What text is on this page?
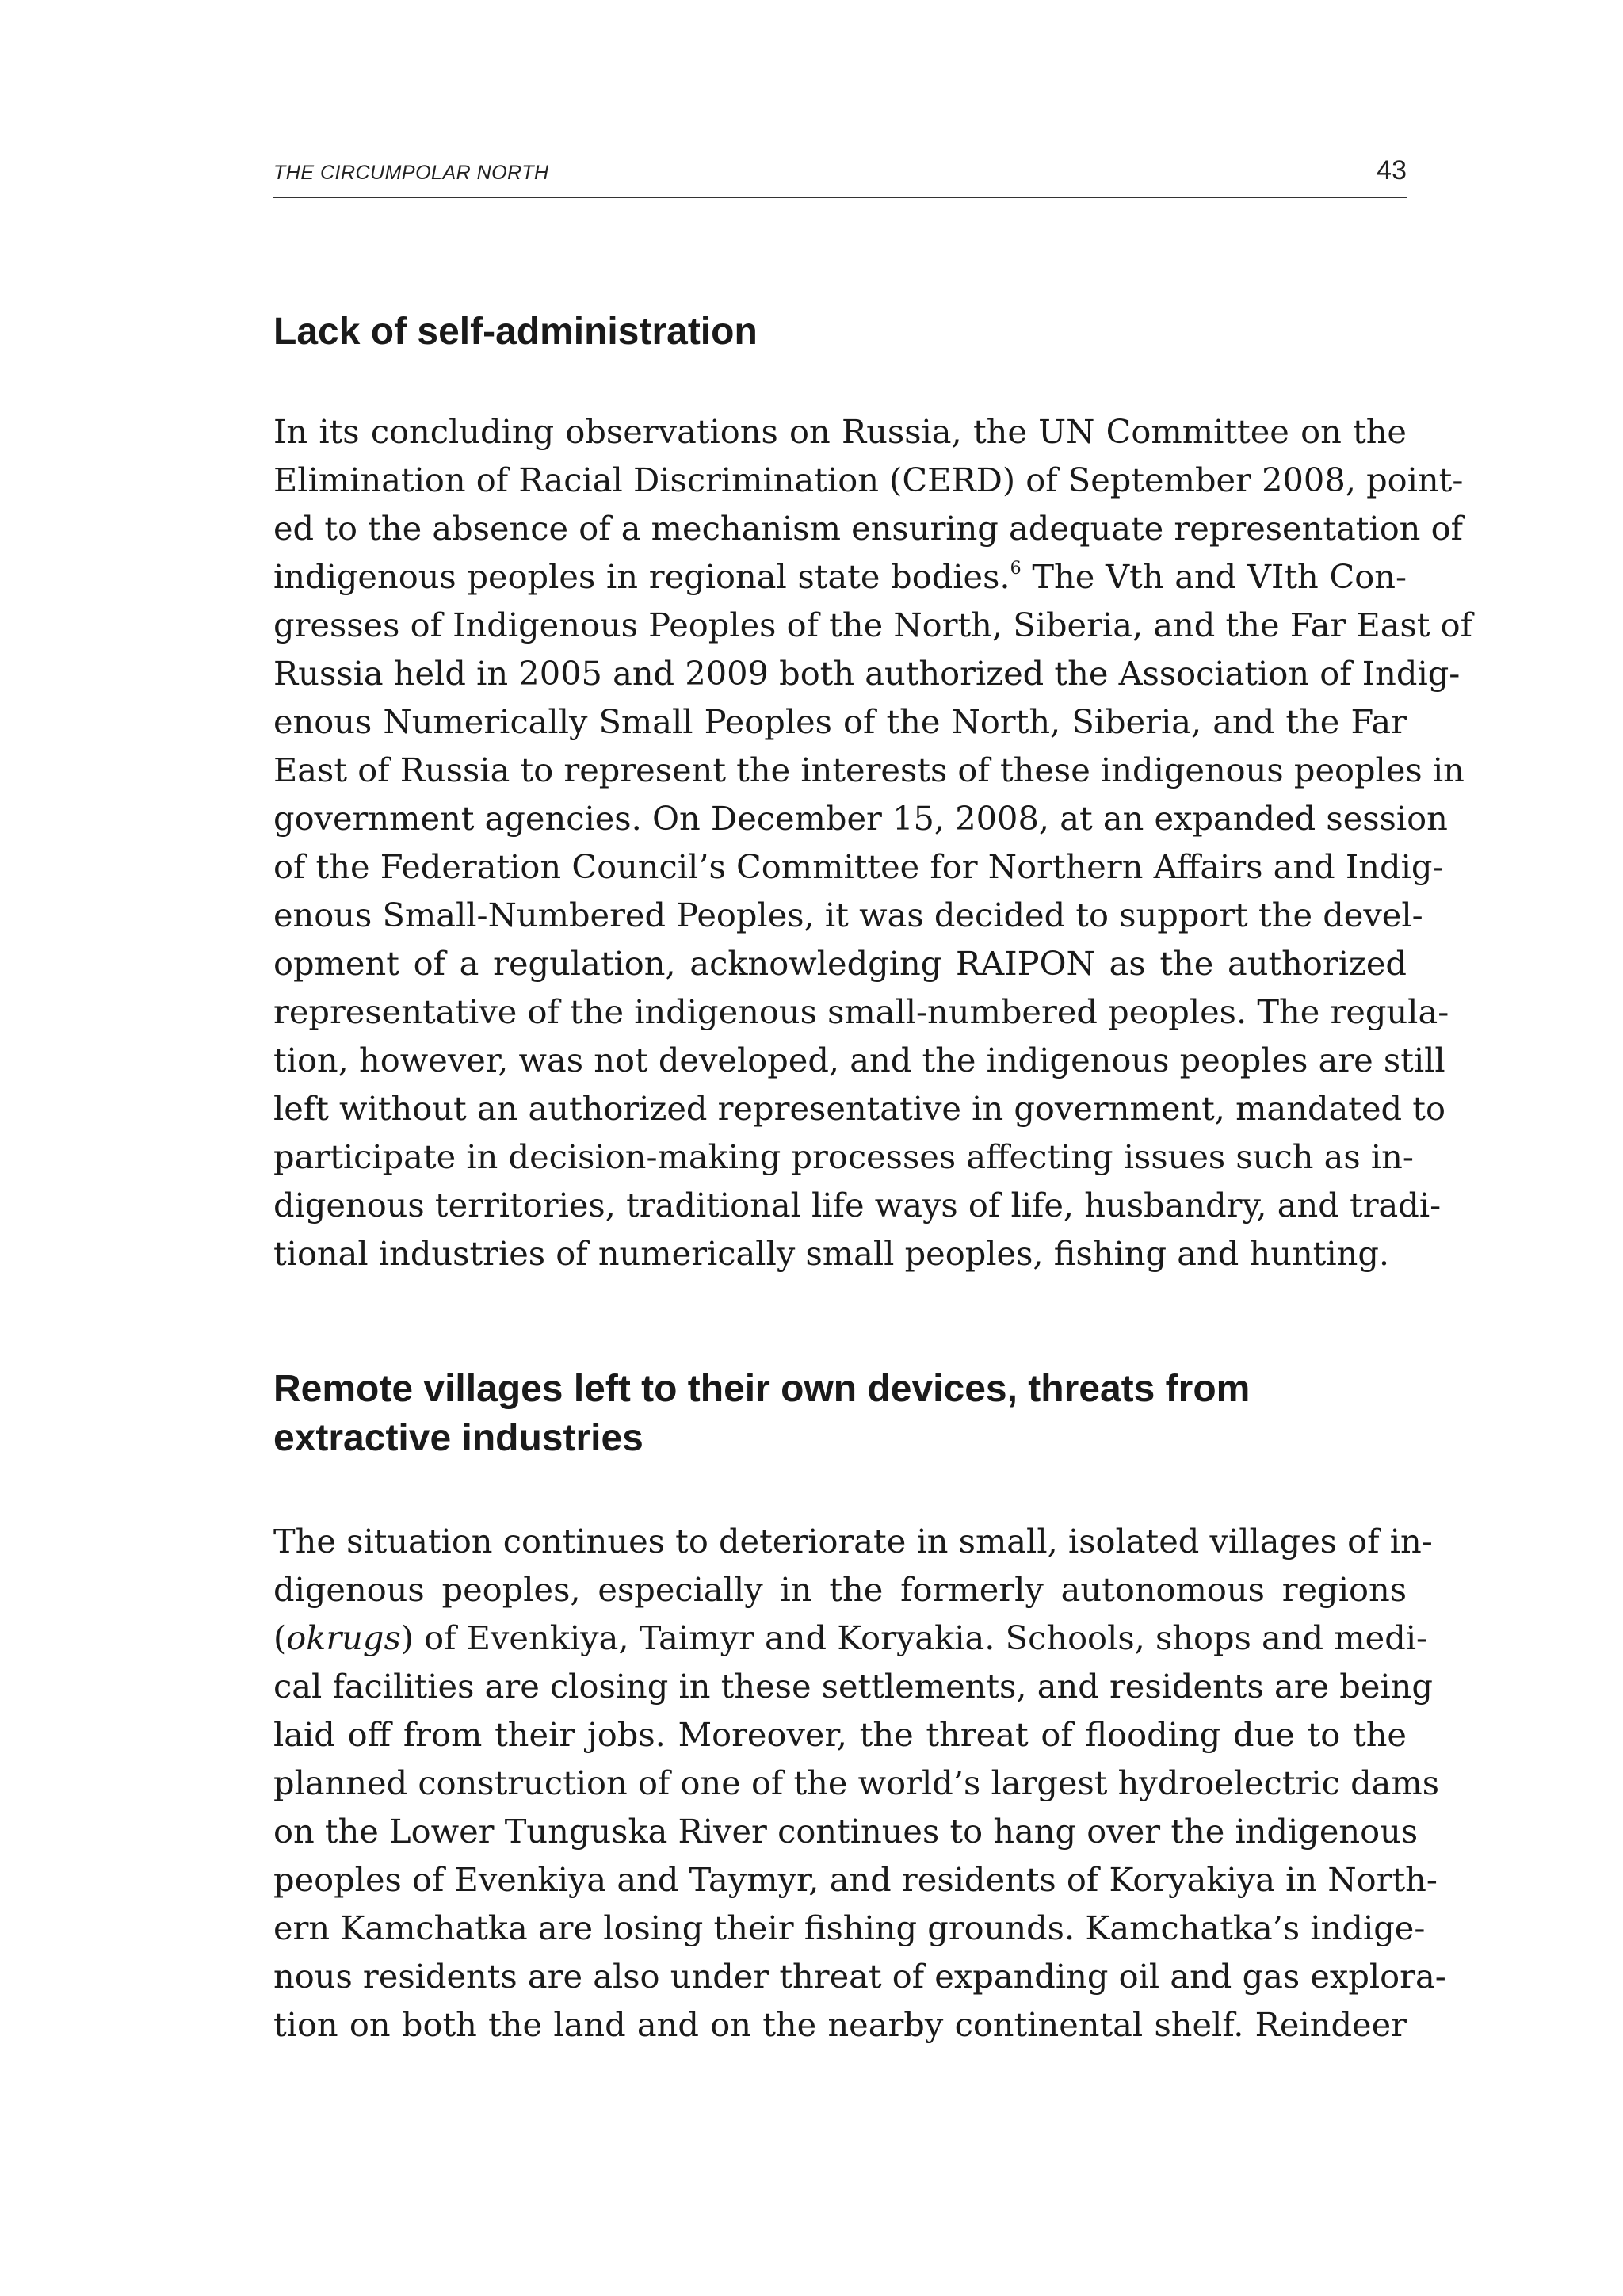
THE CIRCUMPOLAR NORTH	43
Lack of self-administration
In its concluding observations on Russia, the UN Committee on the
Elimination of Racial Discrimination (CERD) of September 2008, point-
ed to the absence of a mechanism ensuring adequate representation of
indigenous peoples in regional state bodies.$^6$ The Vth and VIth Con-
gresses of Indigenous Peoples of the North, Siberia, and the Far East of
Russia held in 2005 and 2009 both authorized the Association of Indig-
enous Numerically Small Peoples of the North, Siberia, and the Far
East of Russia to represent the interests of these indigenous peoples in
government agencies. On December 15, 2008, at an expanded session
of the Federation Council’s Committee for Northern Affairs and Indig-
enous Small-Numbered Peoples, it was decided to support the devel-
opment of a regulation, acknowledging RAIPON as the authorized
representative of the indigenous small-numbered peoples. The regula-
tion, however, was not developed, and the indigenous peoples are still
left without an authorized representative in government, mandated to
participate in decision-making processes affecting issues such as in-
digenous territories, traditional life ways of life, husbandry, and tradi-
tional industries of numerically small peoples, fishing and hunting.
Remote villages left to their own devices, threats from extractive industries
The situation continues to deteriorate in small, isolated villages of in-
digenous peoples, especially in the formerly autonomous regions
(okrugs) of Evenkiya, Taimyr and Koryakia. Schools, shops and medi-
cal facilities are closing in these settlements, and residents are being
laid off from their jobs. Moreover, the threat of flooding due to the
planned construction of one of the world’s largest hydroelectric dams
on the Lower Tunguska River continues to hang over the indigenous
peoples of Evenkiya and Taymyr, and residents of Koryakiya in North-
ern Kamchatka are losing their fishing grounds. Kamchatka’s indige-
nous residents are also under threat of expanding oil and gas explora-
tion on both the land and on the nearby continental shelf. Reindeer
